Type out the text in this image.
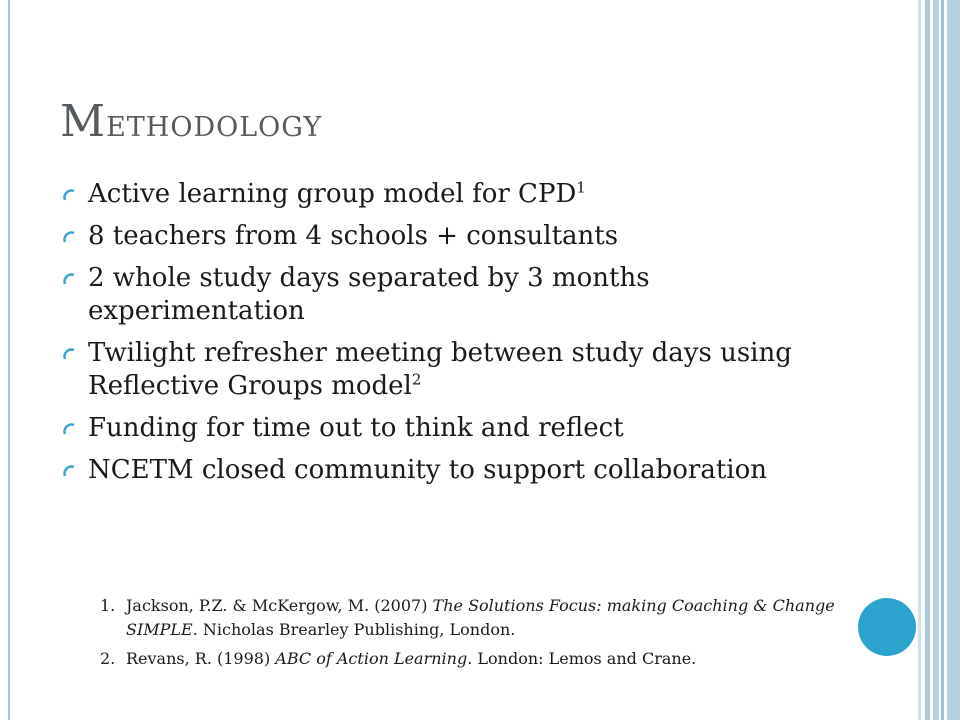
Methodology
Active learning group model for CPD$^1$
8 teachers from 4 schools + consultants
2 whole study days separated by 3 months experimentation
Twilight refresher meeting between study days using Reflective Groups model$^2$
Funding for time out to think and reflect
NCETM closed community to support collaboration
1. Jackson, P.Z. & McKergow, M. (2007) The Solutions Focus: making Coaching & Change SIMPLE. Nicholas Brearley Publishing, London.
2. Revans, R. (1998) ABC of Action Learning. London: Lemos and Crane.
